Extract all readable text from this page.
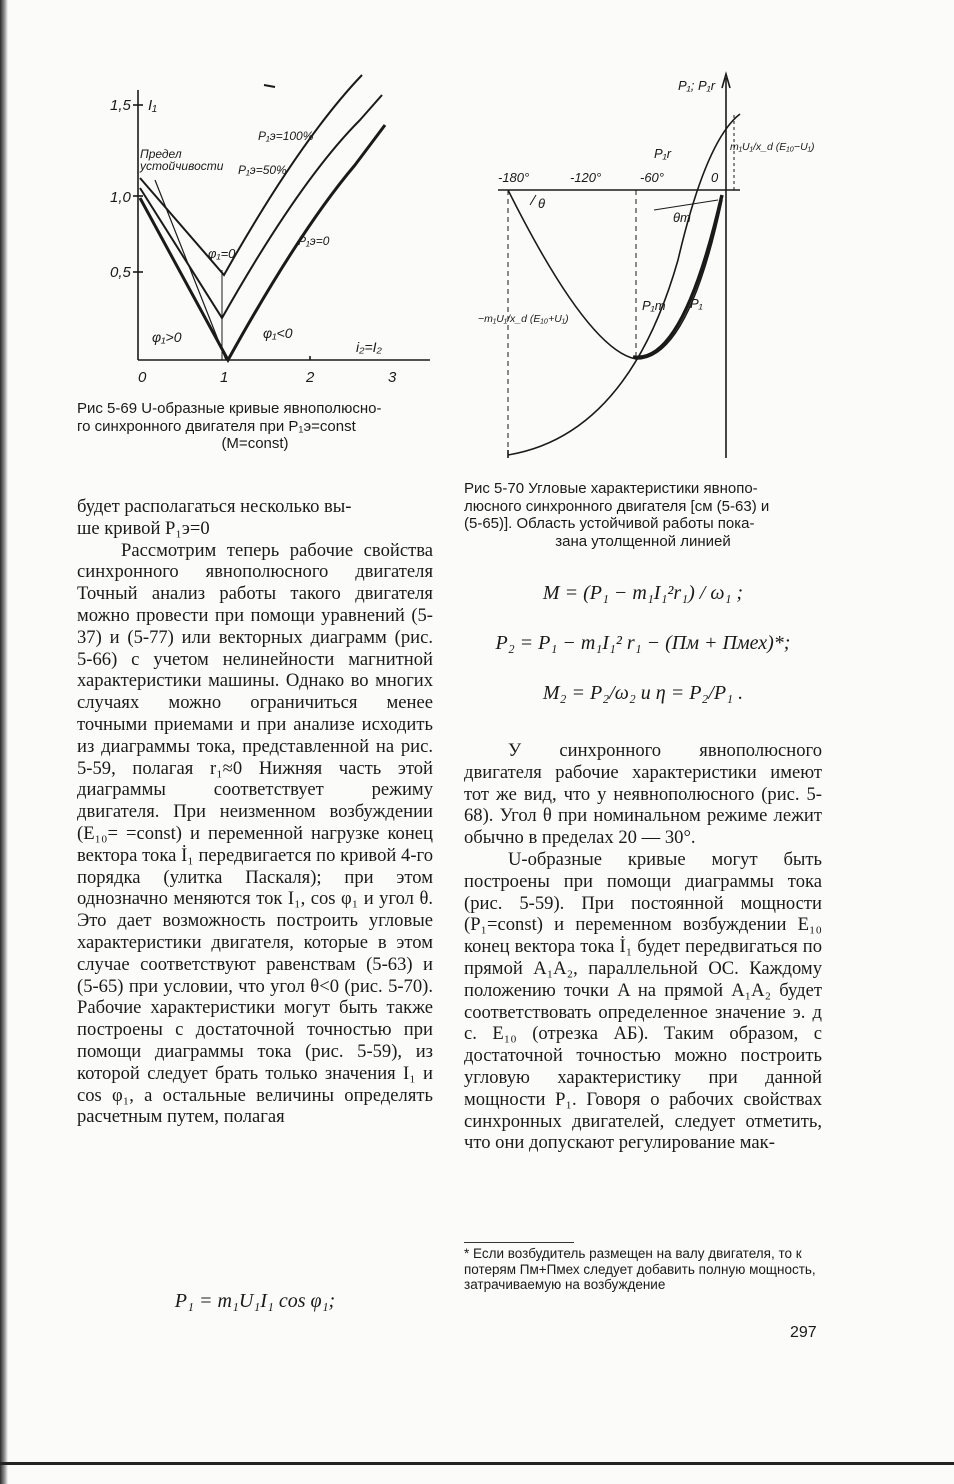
1,5
1,0
0,5
I₁
Предел
устойчивости
P₁э=100%
P₁э=50%
P₁э=0
φ₁=0
φ₁>0	φ₁<0
i₂=I₂
0	1	2	3
Рис 5-69 U-образные кривые явнополюсно-
го синхронного двигателя при P₁э=const
(M=const)
P₁; P₁r
-180°	-120°	-60°	0
P₁r	m₁U₁/x_d (E₁₀−U₁)
θ
θm
−m₁U₁/x_d (E₁₀+U₁)
P₁m P₁
Рис 5-70 Угловые характеристики явнопо-
люсного синхронного двигателя [см (5-63) и
(5-65)]. Область устойчивой работы пока-
зана утолщенной линией

будет располагаться несколько вы-

ше кривой P₁э=0

Рассмотрим теперь рабочие свойства синхронного явнополюсного двигателя Точный анализ работы такого двигателя можно провести при помощи уравнений (5-37) и (5-77) или векторных диаграмм (рис. 5-66) с учетом нелинейности магнитной характеристики машины. Однако во многих случаях можно ограничиться менее точными приемами и при анализе исходить из диаграммы тока, представленной на рис. 5-59, полагая r₁≈0 Нижняя часть этой диаграммы соответствует режиму двигателя. При неизменном возбуждении (E₁₀= =const) и переменной нагрузке конец вектора тока İ₁ передвигается по кривой 4-го порядка (улитка Паскаля); при этом однозначно меняются ток I₁, cos φ₁ и угол θ. Это дает возможность построить угловые характеристики двигателя, которые в этом случае соответствуют равенствам (5-63) и (5-65) при условии, что угол θ<0 (рис. 5-70). Рабочие характеристики могут быть также построены с достаточной точностью при помощи диаграммы тока (рис. 5-59), из которой следует брать только значения I₁ и cos φ₁, а остальные величины определять расчетным путем, полагая

P₁ = m₁U₁I₁ cos φ₁;
M = (P₁ − m₁I₁²r₁) / ω₁ ;
P₂ = P₁ − m₁I₁² r₁ − (Пм + Пмех)*;
M₂ = P₂/ω₂ и η = P₂/P₁ .

У синхронного явнополюсного двигателя рабочие характеристики имеют тот же вид, что у неявнополюсного (рис. 5-68). Угол θ при номинальном режиме лежит обычно в пределах 20 — 30°.

U-образные кривые могут быть построены при помощи диаграммы тока (рис. 5-59). При постоянной мощности (P₁=const) и переменном возбуждении E₁₀ конец вектора тока İ₁ будет передвигаться по прямой A₁A₂, параллельной OC. Каждому положению точки A на прямой A₁A₂ будет соответствовать определенное значение э. д с. E₁₀ (отрезка AБ). Таким образом, с достаточной точностью можно построить угловую характеристику при данной мощности P₁. Говоря о рабочих свойствах синхронных двигателей, следует отметить, что они допускают регулирование мак-

* Если возбудитель размещен на валу двигателя, то к потерям Пм+Пмех следует добавить полную мощность, затрачиваемую на возбуждение
297
